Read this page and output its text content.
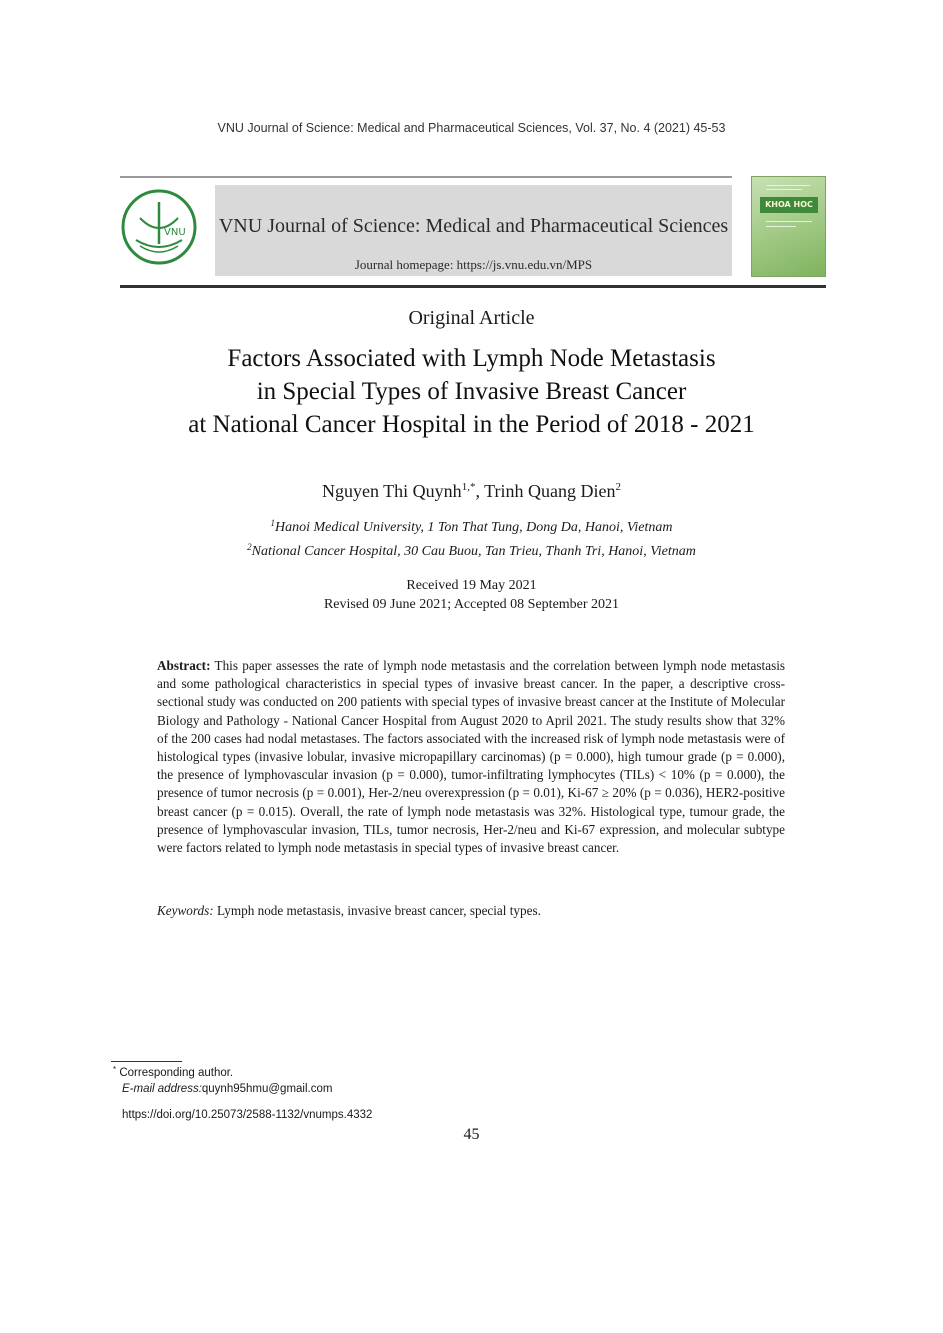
VNU Journal of Science: Medical and Pharmaceutical Sciences, Vol. 37, No. 4 (2021) 45-53
VNU VNU Journal of Science: Medical and Pharmaceutical Sciences
Journal homepage: https://js.vnu.edu.vn/MPS
KHOA HOC
Original Article
Factors Associated with Lymph Node Metastasis
in Special Types of Invasive Breast Cancer
at National Cancer Hospital in the Period of 2018 - 2021
Nguyen Thi Quynh$^{1,*}$, Trinh Quang Dien$^2$
$^1$Hanoi Medical University, 1 Ton That Tung, Dong Da, Hanoi, Vietnam
$^2$National Cancer Hospital, 30 Cau Buou, Tan Trieu, Thanh Tri, Hanoi, Vietnam
Received 19 May 2021
Revised 09 June 2021; Accepted 08 September 2021
Abstract: This paper assesses the rate of lymph node metastasis and the correlation between lymph node metastasis and some pathological characteristics in special types of invasive breast cancer. In the paper, a descriptive cross-sectional study was conducted on 200 patients with special types of invasive breast cancer at the Institute of Molecular Biology and Pathology - National Cancer Hospital from August 2020 to April 2021. The study results show that 32% of the 200 cases had nodal metastases. The factors associated with the increased risk of lymph node metastasis were of histological types (invasive lobular, invasive micropapillary carcinomas) (p = 0.000), high tumour grade (p = 0.000), the presence of lymphovascular invasion (p = 0.000), tumor-infiltrating lymphocytes (TILs) < 10% (p = 0.000), the presence of tumor necrosis (p = 0.001), Her-2/neu overexpression (p = 0.01), Ki-67 ≥ 20% (p = 0.036), HER2-positive breast cancer (p = 0.015). Overall, the rate of lymph node metastasis was 32%. Histological type, tumour grade, the presence of lymphovascular invasion, TILs, tumor necrosis, Her-2/neu and Ki-67 expression, and molecular subtype were factors related to lymph node metastasis in special types of invasive breast cancer.
Keywords: Lymph node metastasis, invasive breast cancer, special types.
* Corresponding author.
E-mail address:quynh95hmu@gmail.com
https://doi.org/10.25073/2588-1132/vnumps.4332
45
